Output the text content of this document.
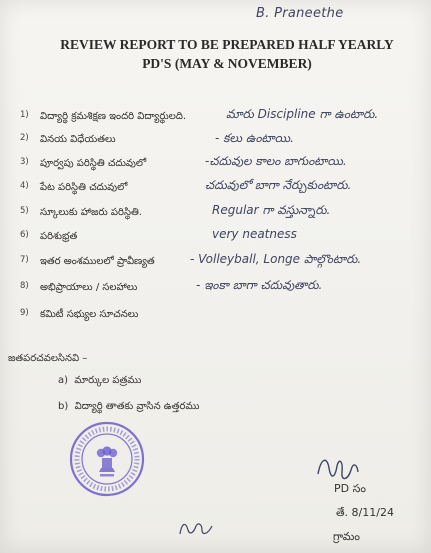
B. Praneethe
REVIEW REPORT TO BE PREPARED HALF YEARLY PD'S (MAY & NOVEMBER)
1) విద్యార్థి క్రమశిక్షణ ఇందరి విద్యార్థులది.	మారు Discipline గా ఉంటారు.
2) వినయ విధేయతలు	- కలు ఉంటాయి.
3) పూర్వపు పరిస్థితి చదువులో	-చదువుల కాలం బాగుంటాయి.
4) పేట పరిస్థితి చదువులో	చదువులో బాగా నేర్చుకుంటారు.
5) స్కూలుకు హాజరు పరిస్థితి.	Regular గా వస్తున్నారు.
6) పరిశుభ్రత	very neatness
7) ఇతర అంశములలో ప్రావీణ్యత	- Volleyball, Longe పాల్గొంటారు.
8) అభిప్రాయాలు / సలహాలు	- ఇంకా బాగా చదువుతారు.
9) కమిటీ సభ్యుల సూచనలు
జతపరచవలసినవి –
a) మార్కుల పత్రము
b) విద్యార్థి తాతకు వ్రాసిన ఉత్తరము
PD సం
తే. 8/11/24
గ్రామం
